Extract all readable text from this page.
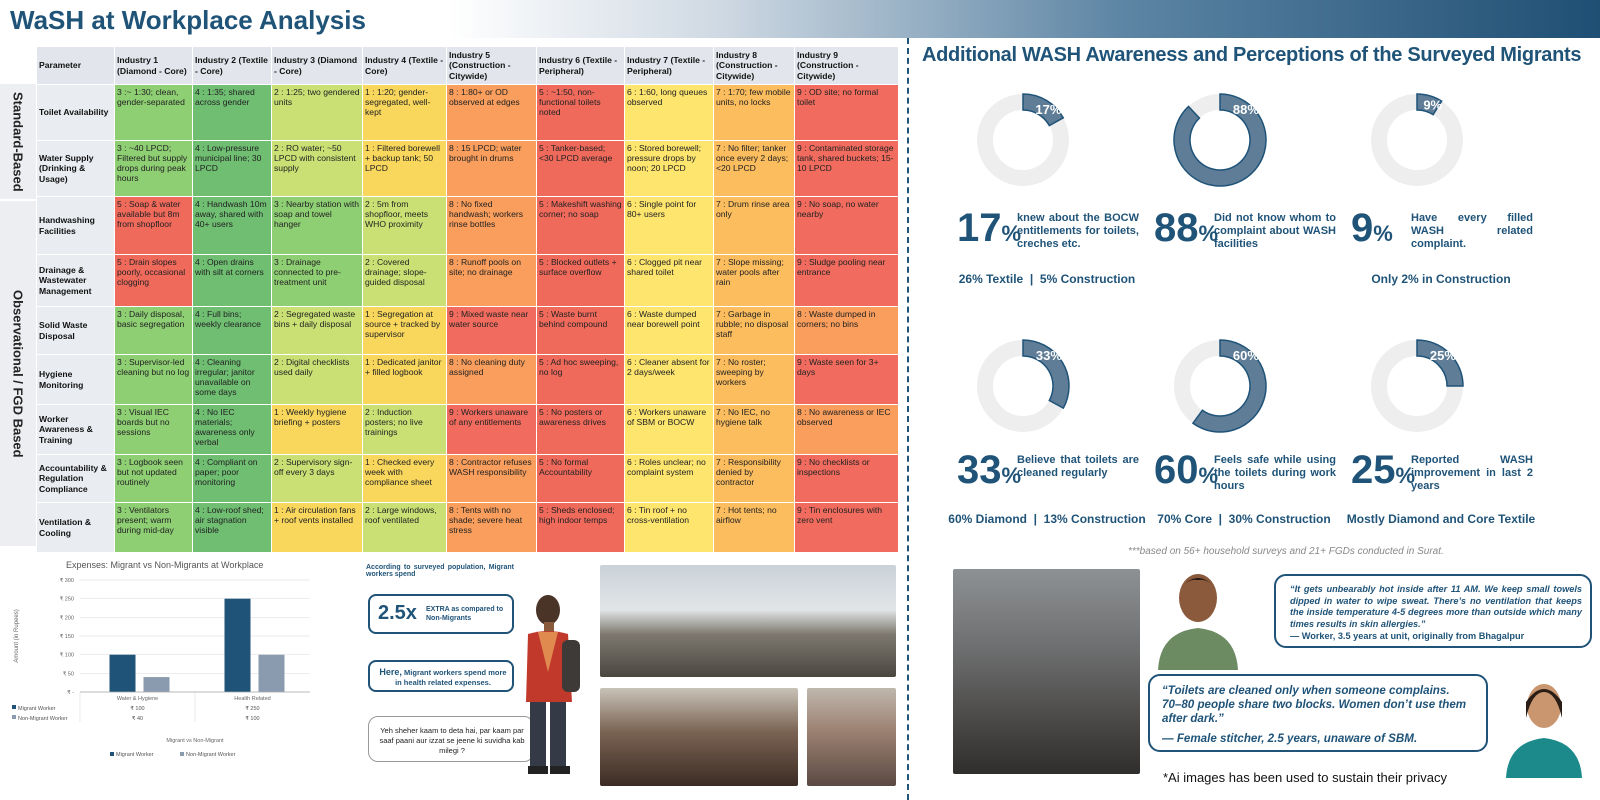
WaSH at Workplace Analysis
Standard-Based
Observational / FGD Based
Parameter	Industry 1 (Diamond - Core)	Industry 2 (Textile - Core)	Industry 3 (Diamond - Core)	Industry 4 (Textile - Core)	Industry 5 (Construction - Citywide)	Industry 6 (Textile - Peripheral)	Industry 7 (Textile - Peripheral)	Industry 8 (Construction - Citywide)	Industry 9 (Construction - Citywide)
Toilet Availability	3 :~ 1:30; clean, gender-separated	4 : 1:35; shared across gender	2 : 1:25; two gendered units	1 : 1:20; gender-segregated, well-kept	8 : 1:80+ or OD observed at edges	5 : ~1:50, non-functional toilets noted	6 : 1:60, long queues observed	7 : 1:70; few mobile units, no locks	9 : OD site; no formal toilet
Water Supply (Drinking & Usage)	3 : ~40 LPCD; Filtered but supply drops during peak hours	4 : Low-pressure municipal line; 30 LPCD	2 : RO water; ~50 LPCD with consistent supply	1 : Filtered borewell + backup tank; 50 LPCD	8 : 15 LPCD; water brought in drums	5 : Tanker-based; <30 LPCD average	6 : Stored borewell; pressure drops by noon; 20 LPCD	7 : No filter; tanker once every 2 days; <20 LPCD	9 : Contaminated storage tank, shared buckets; 15-10 LPCD
Handwashing Facilities	5 : Soap & water available but 8m from shopfloor	4 : Handwash 10m away, shared with 40+ users	3 : Nearby station with soap and towel hanger	2 : 5m from shopfloor, meets WHO proximity	8 : No fixed handwash; workers rinse bottles	5 : Makeshift washing corner; no soap	6 : Single point for 80+ users	7 : Drum rinse area only	9 : No soap, no water nearby
Drainage & Wastewater Management	5 : Drain slopes poorly, occasional clogging	4 : Open drains with silt at corners	3 : Drainage connected to pre-treatment unit	2 : Covered drainage; slope-guided disposal	8 : Runoff pools on site; no drainage	5 : Blocked outlets + surface overflow	6 : Clogged pit near shared toilet	7 : Slope missing; water pools after rain	9 : Sludge pooling near entrance
Solid Waste Disposal	3 : Daily disposal, basic segregation	4 : Full bins; weekly clearance	2 : Segregated waste bins + daily disposal	1 : Segregation at source + tracked by supervisor	9 : Mixed waste near water source	5 : Waste burnt behind compound	6 : Waste dumped near borewell point	7 : Garbage in rubble; no disposal staff	8 : Waste dumped in corners; no bins
Hygiene Monitoring	3 : Supervisor-led cleaning but no log	4 : Cleaning irregular; janitor unavailable on some days	2 : Digital checklists used daily	1 : Dedicated janitor + filled logbook	8 : No cleaning duty assigned	5 : Ad hoc sweeping, no log	6 : Cleaner absent for 2 days/week	7 : No roster; sweeping by workers	9 : Waste seen for 3+ days
Worker Awareness & Training	3 : Visual IEC boards but no sessions	4 : No IEC materials; awareness only verbal	1 : Weekly hygiene briefing + posters	2 : Induction posters; no live trainings	9 : Workers unaware of any entitlements	5 : No posters or awareness drives	6 : Workers unaware of SBM or BOCW	7 : No IEC, no hygiene talk	8 : No awareness or IEC observed
Accountability & Regulation Compliance	3 : Logbook seen but not updated routinely	4 : Compliant on paper; poor monitoring	2 : Supervisory sign-off every 3 days	1 : Checked every week with compliance sheet	8 : Contractor refuses WASH responsibility	5 : No formal Accountability	6 : Roles unclear; no complaint system	7 : Responsibility denied by contractor	9 : No checklists or inspections
Ventilation & Cooling	3 : Ventilators present; warm during mid-day	4 : Low-roof shed; air stagnation visible	1 : Air circulation fans + roof vents installed	2 : Large windows, roof ventilated	8 : Tents with no shade; severe heat stress	5 : Sheds enclosed; high indoor temps	6 : Tin roof + no cross-ventilation	7 : Hot tents; no airflow	9 : Tin enclosures with zero vent
Expenses: Migrant vs Non-Migrants at Workplace
₹ 300
₹ 250
₹ 200
₹ 150
₹ 100
₹ 50
₹ -
Amount (in Rupees)
Water & Hygiene	Health Related
Migrant Worker	₹ 100	₹ 250
Non-Migrant Worker	₹ 40	₹ 100
Migrant vs Non-Migrant
Migrant Worker	Non-Migrant Worker
According to surveyed population, Migrant workers spend
2.5x EXTRA as compared to Non-Migrants
Here, Migrant workers spend more in health related expenses.
Yeh sheher kaam to deta hai, par kaam par saaf paani aur izzat se jeene ki suvidha kab milegi ?
Additional WASH Awareness and Perceptions of the Surveyed Migrants
17%
17%
knew about the BOCW entitlements for toilets, creches etc.
26% Textile  |  5% Construction
88%
88%
Did not know whom to complaint about WASH facilities
9%
9%
Have every filled WASH related complaint.
Only 2% in Construction
33%
33%
Believe that toilets are cleaned regularly
60% Diamond  |  13% Construction
60%
60%
Feels safe while using the toilets during work hours
70% Core  |  30% Construction
25%
25%
Reported WASH improvement in last 2 years
Mostly Diamond and Core Textile
***based on 56+ household surveys and 21+ FGDs conducted in Surat.
“It gets unbearably hot inside after 11 AM. We keep small towels dipped in water to wipe sweat. There’s no ventilation that keeps the inside temperature 4-5 degrees more than outside which many times results in skin allergies.”
— Worker, 3.5 years at unit, originally from Bhagalpur
“Toilets are cleaned only when someone complains. 70–80 people share two blocks. Women don’t use them after dark.”
— Female stitcher, 2.5 years, unaware of SBM.
*Ai images has been used to sustain their privacy
